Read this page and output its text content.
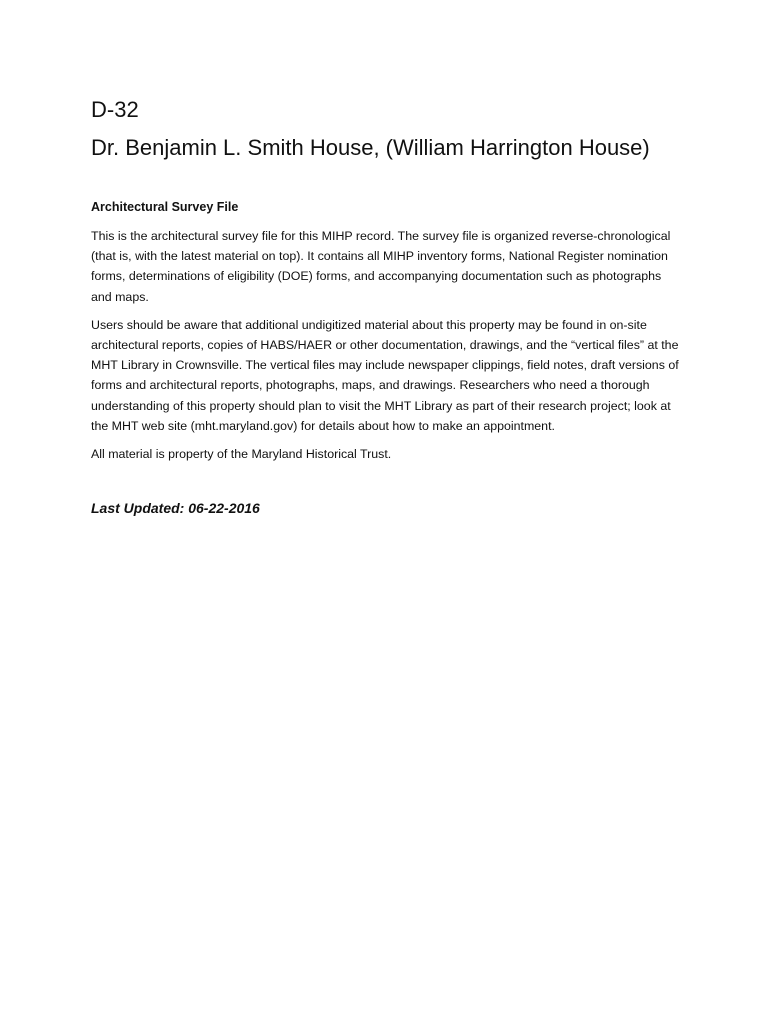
D-32
Dr. Benjamin L. Smith House, (William Harrington House)
Architectural Survey File

This is the architectural survey file for this MIHP record. The survey file is organized reverse-chronological (that is, with the latest material on top). It contains all MIHP inventory forms, National Register nomination forms, determinations of eligibility (DOE) forms, and accompanying documentation such as photographs and maps.

Users should be aware that additional undigitized material about this property may be found in on-site architectural reports, copies of HABS/HAER or other documentation, drawings, and the “vertical files” at the MHT Library in Crownsville. The vertical files may include newspaper clippings, field notes, draft versions of forms and architectural reports, photographs, maps, and drawings. Researchers who need a thorough understanding of this property should plan to visit the MHT Library as part of their research project; look at the MHT web site (mht.maryland.gov) for details about how to make an appointment.

All material is property of the Maryland Historical Trust.

Last Updated: 06-22-2016
